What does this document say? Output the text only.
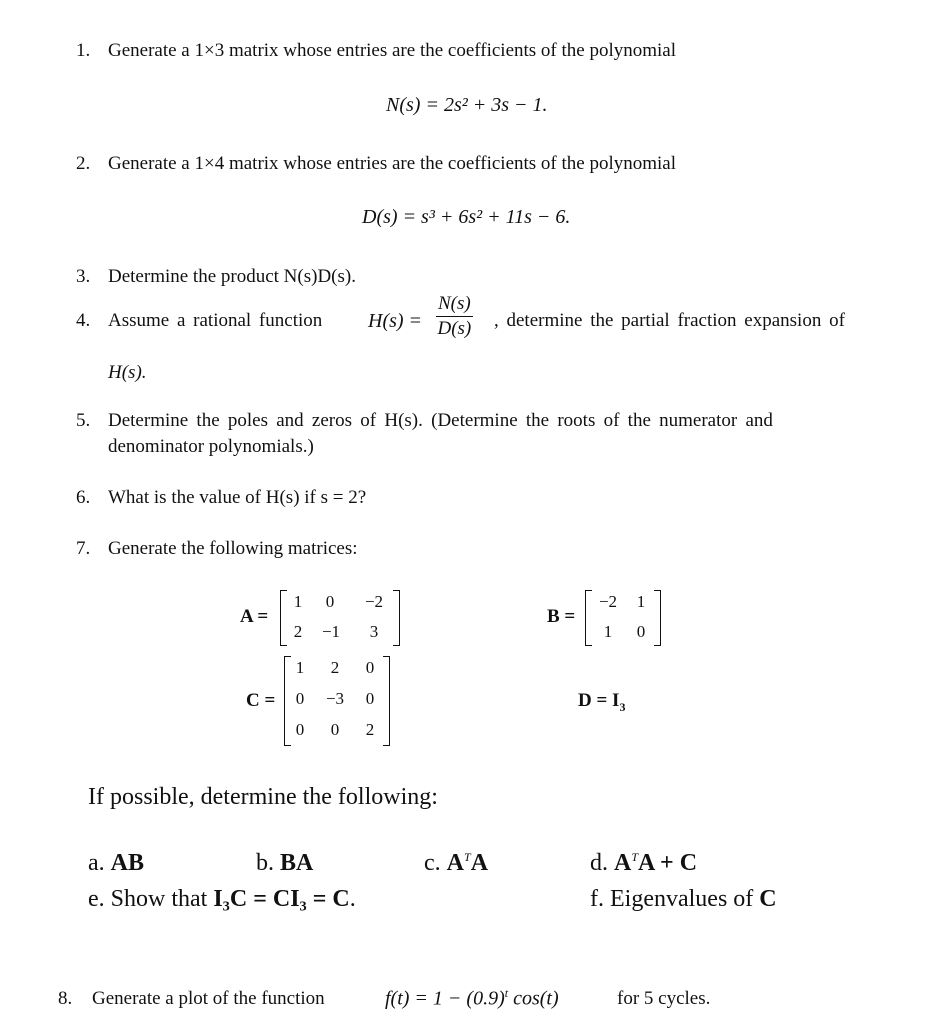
1. Generate a 1×3 matrix whose entries are the coefficients of the polynomial
N(s) = 2s² + 3s − 1.
2. Generate a 1×4 matrix whose entries are the coefficients of the polynomial
D(s) = s³ + 6s² + 11s − 6.
3. Determine the product N(s)D(s).
4. Assume a rational function $H(s) = \frac{N(s)}{D(s)}$ , determine the partial fraction expansion of
H(s).
5. Determine the poles and zeros of H(s). (Determine the roots of the numerator and
denominator polynomials.)
6. What is the value of H(s) if s = 2?
7. Generate the following matrices:
A =
1	0	−2
2	−1	3
B =
−2	1
1	0
C =
1	2	0
0	−3	0
0	0	2
$D = I_3$
If possible, determine the following:
a. AB	b. BA	c. $A^TA$	d. $A^TA + C$
e. Show that I₃C = CI₃ = C.	f. Eigenvalues of C
8. Generate a plot of the function	$f(t) = 1 - (0.9)^t$ cos(t)	for 5 cycles.
